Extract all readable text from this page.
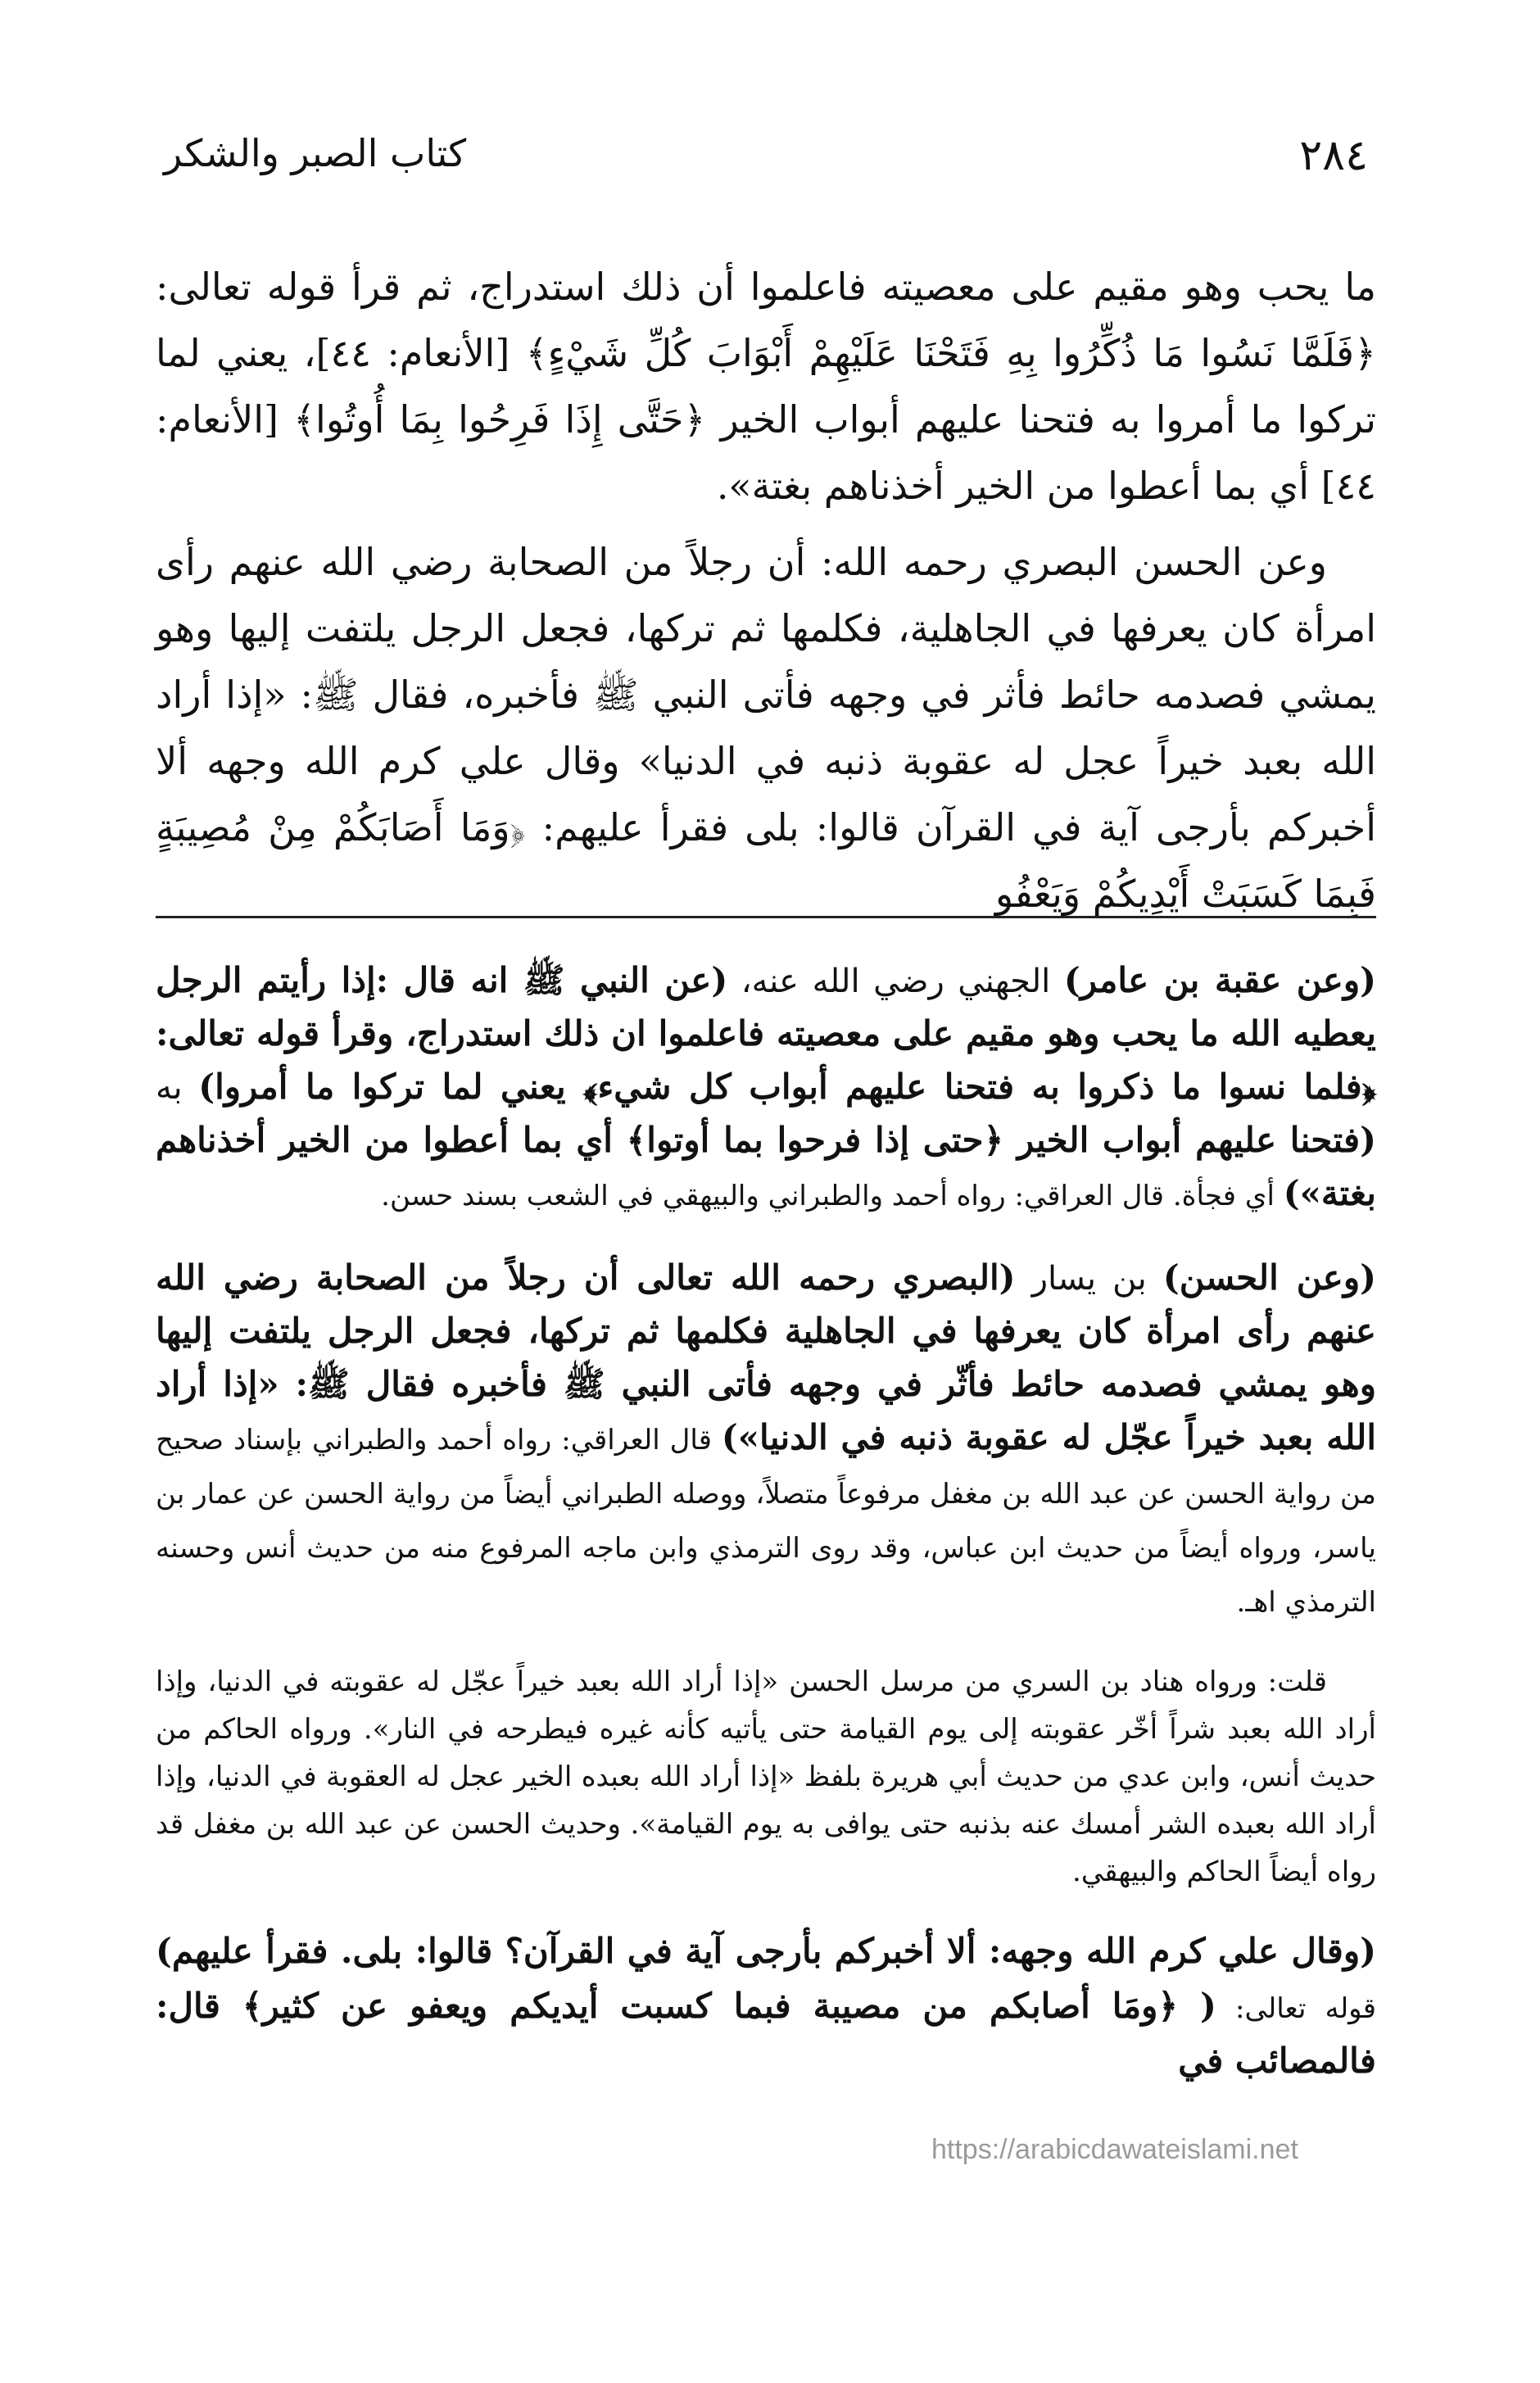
٢٨٤
كتاب الصبر والشكر

ما يحب وهو مقيم على معصيته فاعلموا أن ذلك استدراج، ثم قرأ قوله تعالى: ﴿فَلَمَّا نَسُوا مَا ذُكِّرُوا بِهِ فَتَحْنَا عَلَيْهِمْ أَبْوَابَ كُلِّ شَيْءٍ﴾ [الأنعام: ٤٤]، يعني لما تركوا ما أمروا به فتحنا عليهم أبواب الخير ﴿حَتَّى إِذَا فَرِحُوا بِمَا أُوتُوا﴾ [الأنعام: ٤٤] أي بما أعطوا من الخير أخذناهم بغتة».

وعن الحسن البصري رحمه الله: أن رجلاً من الصحابة رضي الله عنهم رأى امرأة كان يعرفها في الجاهلية، فكلمها ثم تركها، فجعل الرجل يلتفت إليها وهو يمشي فصدمه حائط فأثر في وجهه فأتى النبي ﷺ فأخبره، فقال ﷺ: «إذا أراد الله بعبد خيراً عجل له عقوبة ذنبه في الدنيا» وقال علي كرم الله وجهه ألا أخبركم بأرجى آية في القرآن قالوا: بلى فقرأ عليهم: ﴿وَمَا أَصَابَكُمْ مِنْ مُصِيبَةٍ فَبِمَا كَسَبَتْ أَيْدِيكُمْ وَيَعْفُو

(وعن عقبة بن عامر) الجهني رضي الله عنه، (عن النبي ﷺ انه قال :إذا رأيتم الرجل يعطيه الله ما يحب وهو مقيم على معصيته فاعلموا ان ذلك استدراج، وقرأ قوله تعالى: ﴿فلما نسوا ما ذكروا به فتحنا عليهم أبواب كل شيء﴾ يعني لما تركوا ما أمروا) به (فتحنا عليهم أبواب الخير ﴿حتى إذا فرحوا بما أوتوا﴾ أي بما أعطوا من الخير أخذناهم بغتة») أي فجأة. قال العراقي: رواه أحمد والطبراني والبيهقي في الشعب بسند حسن.

(وعن الحسن) بن يسار (البصري رحمه الله تعالى أن رجلاً من الصحابة رضي الله عنهم رأى امرأة كان يعرفها في الجاهلية فكلمها ثم تركها، فجعل الرجل يلتفت إليها وهو يمشي فصدمه حائط فأثّر في وجهه فأتى النبي ﷺ فأخبره فقال ﷺ: «إذا أراد الله بعبد خيراً عجّل له عقوبة ذنبه في الدنيا») قال العراقي: رواه أحمد والطبراني بإسناد صحيح من رواية الحسن عن عبد الله بن مغفل مرفوعاً متصلاً، ووصله الطبراني أيضاً من رواية الحسن عن عمار بن ياسر، ورواه أيضاً من حديث ابن عباس، وقد روى الترمذي وابن ماجه المرفوع منه من حديث أنس وحسنه الترمذي اهـ.

قلت: ورواه هناد بن السري من مرسل الحسن «إذا أراد الله بعبد خيراً عجّل له عقوبته في الدنيا، وإذا أراد الله بعبد شراً أخّر عقوبته إلى يوم القيامة حتى يأتيه كأنه غيره فيطرحه في النار». ورواه الحاكم من حديث أنس، وابن عدي من حديث أبي هريرة بلفظ «إذا أراد الله بعبده الخير عجل له العقوبة في الدنيا، وإذا أراد الله بعبده الشر أمسك عنه بذنبه حتى يوافى به يوم القيامة». وحديث الحسن عن عبد الله بن مغفل قد رواه أيضاً الحاكم والبيهقي.

(وقال علي كرم الله وجهه: ألا أخبركم بأرجى آية في القرآن؟ قالوا: بلى. فقرأ عليهم) قوله تعالى: ( ﴿ومَا أصابكم من مصيبة فبما كسبت أيديكم ويعفو عن كثير﴾ قال: فالمصائب في

https://arabicdawateislami.net
